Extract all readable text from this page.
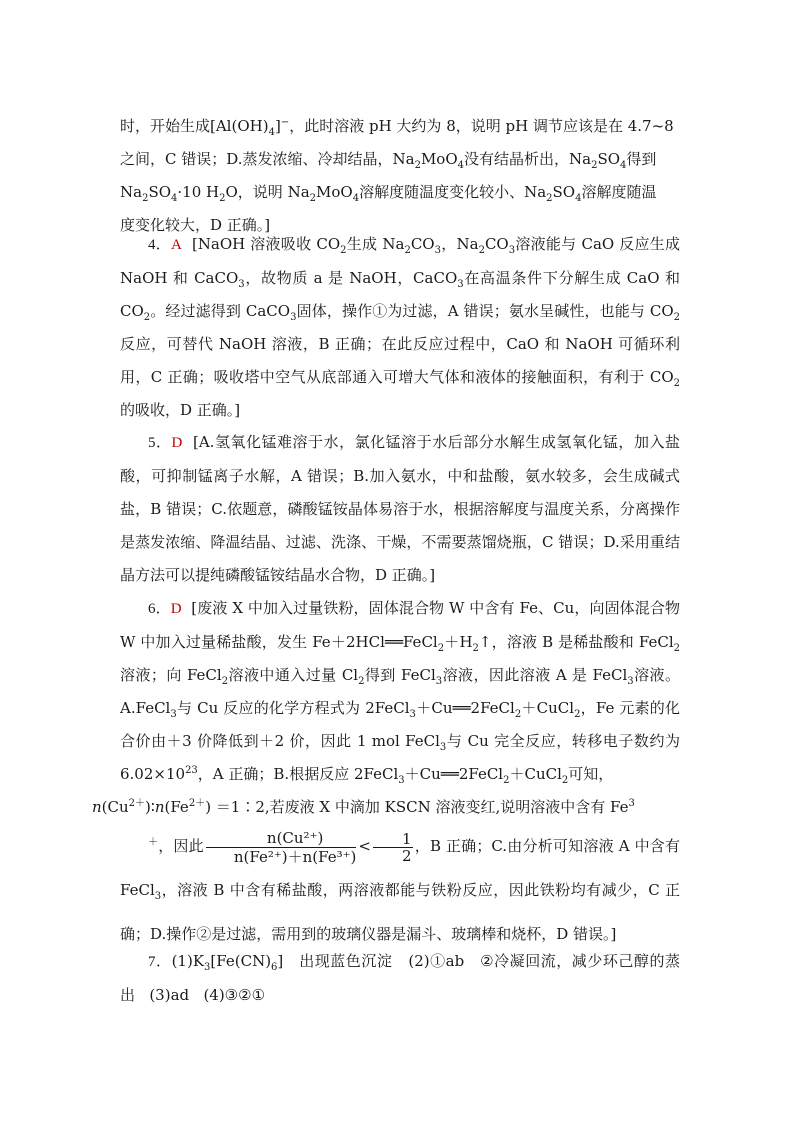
时，开始生成$[Al(OH)_4]^-$，此时溶液 pH 大约为 8，说明 pH 调节应该是在 4.7~8
之间，C 错误；D.蒸发浓缩、冷却结晶，$Na_2MoO_4$没有结晶析出，$Na_2SO_4$得到
$Na_2SO_4\cdot 10$ $H_2O$，说明 $Na_2MoO_4$溶解度随温度变化较小、$Na_2SO_4$溶解度随温
度变化较大，D 正确。]
4．A [NaOH 溶液吸收 $CO_2$生成 $Na_2CO_3$，$Na_2CO_3$溶液能与 CaO 反应生成 NaOH 和 CaCO$_3$，故物质 a 是 NaOH，CaCO$_3$在高温条件下分解生成 CaO 和 $CO_2$。经过滤得到 CaCO$_3$固体，操作①为过滤，A 错误；氨水呈碱性，也能与 $CO_2$反应，可替代 NaOH 溶液，B 正确；在此反应过程中，CaO 和 NaOH 可循环利用，C 正确；吸收塔中空气从底部通入可增大气体和液体的接触面积，有利于 $CO_2$的吸收，D 正确。]
5．D [A.氢氧化锰难溶于水，氯化锰溶于水后部分水解生成氢氧化锰，加入盐酸，可抑制锰离子水解，A 错误；B.加入氨水，中和盐酸，氨水较多，会生成碱式盐，B 错误；C.依题意，磷酸锰铵晶体易溶于水，根据溶解度与温度关系，分离操作是蒸发浓缩、降温结晶、过滤、洗涤、干燥，不需要蒸馏烧瓶，C 错误；D.采用重结晶方法可以提纯磷酸锰铵结晶水合物，D 正确。]
6．D [废液 X 中加入过量铁粉，固体混合物 W 中含有 Fe、Cu，向固体混合物 W 中加入过量稀盐酸，发生 $Fe+2HCl══FeCl_2+H_2↑$，溶液 B 是稀盐酸和 FeCl$_2$溶液；向 FeCl$_2$溶液中通入过量 $Cl_2$得到 FeCl$_3$溶液，因此溶液 A 是 FeCl$_3$溶液。A.FeCl$_3$与 Cu 反应的化学方程式为 2FeCl$_3$＋Cu══2FeCl$_2$＋CuCl$_2$，Fe 元素的化合价由＋3 价降低到＋2 价，因此 1 mol FeCl$_3$与 Cu 完全反应，转移电子数约为 $6.02\times 10^{23}$，A 正确；B.根据反应 2FeCl$_3$＋Cu══2FeCl$_2$＋CuCl$_2$可知，
$n(Cu^{2+})∶n(Fe^{2+})$ ＝1∶2,若废液 X 中滴加 KSCN 溶液变红,说明溶液中含有 Fe$^3$
＋，因此 $\frac{\text{n(Cu²⁺)}}{\text{n(Fe²⁺)＋n(Fe³⁺)}} < \frac{1}{2}$ ，B 正确；C.由分析可知溶液 A 中含有 FeCl$_3$，溶液 B 中含有稀盐酸，两溶液都能与铁粉反应，因此铁粉均有减少，C 正确；D.操作②是过滤，需用到的玻璃仪器是漏斗、玻璃棒和烧杯，D 错误。]
7．$(1)K_3[Fe(CN)_6]$ 出现蓝色沉淀 (2)①ab ②冷凝回流，减少环己醇的蒸出 (3)ad (4)③②①
